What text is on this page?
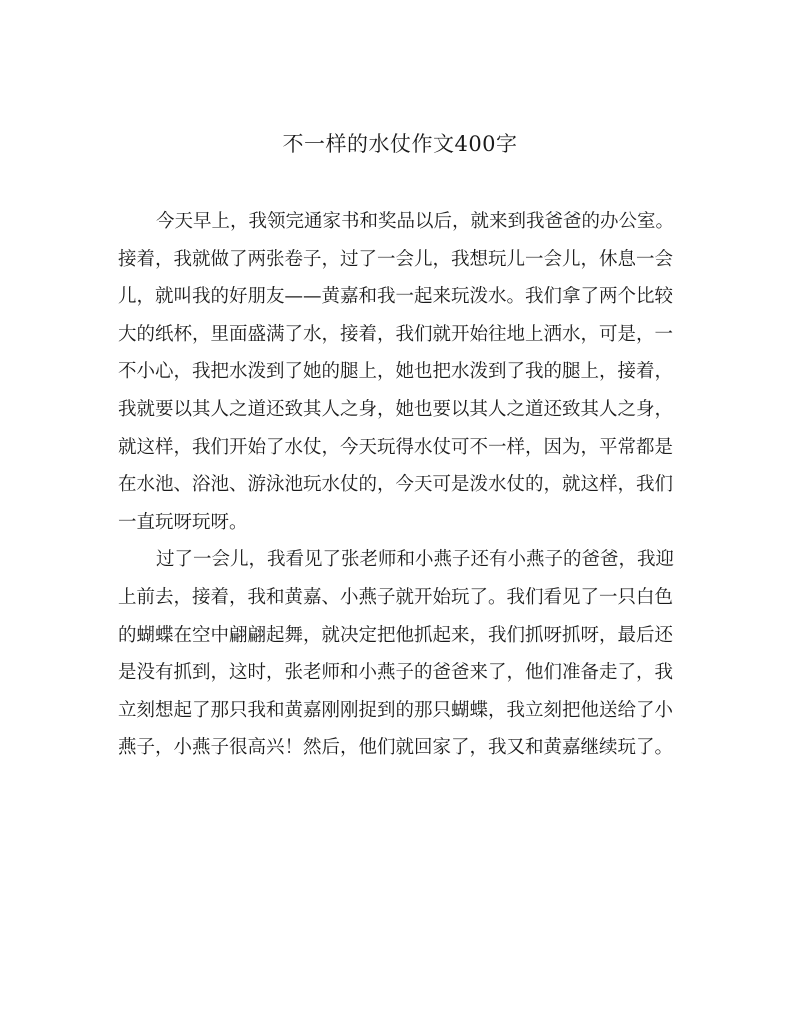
不一样的水仗作文400字
今天早上，我领完通家书和奖品以后，就来到我爸爸的办公室。
接着，我就做了两张卷子，过了一会儿，我想玩儿一会儿，休息一会
儿，就叫我的好朋友——黄嘉和我一起来玩泼水。我们拿了两个比较
大的纸杯，里面盛满了水，接着，我们就开始往地上洒水，可是，一
不小心，我把水泼到了她的腿上，她也把水泼到了我的腿上，接着，
我就要以其人之道还致其人之身，她也要以其人之道还致其人之身，
就这样，我们开始了水仗，今天玩得水仗可不一样，因为，平常都是
在水池、浴池、游泳池玩水仗的，今天可是泼水仗的，就这样，我们
一直玩呀玩呀。
过了一会儿，我看见了张老师和小燕子还有小燕子的爸爸，我迎
上前去，接着，我和黄嘉、小燕子就开始玩了。我们看见了一只白色
的蝴蝶在空中翩翩起舞，就决定把他抓起来，我们抓呀抓呀，最后还
是没有抓到，这时，张老师和小燕子的爸爸来了，他们准备走了，我
立刻想起了那只我和黄嘉刚刚捉到的那只蝴蝶，我立刻把他送给了小
燕子，小燕子很高兴！然后，他们就回家了，我又和黄嘉继续玩了。
